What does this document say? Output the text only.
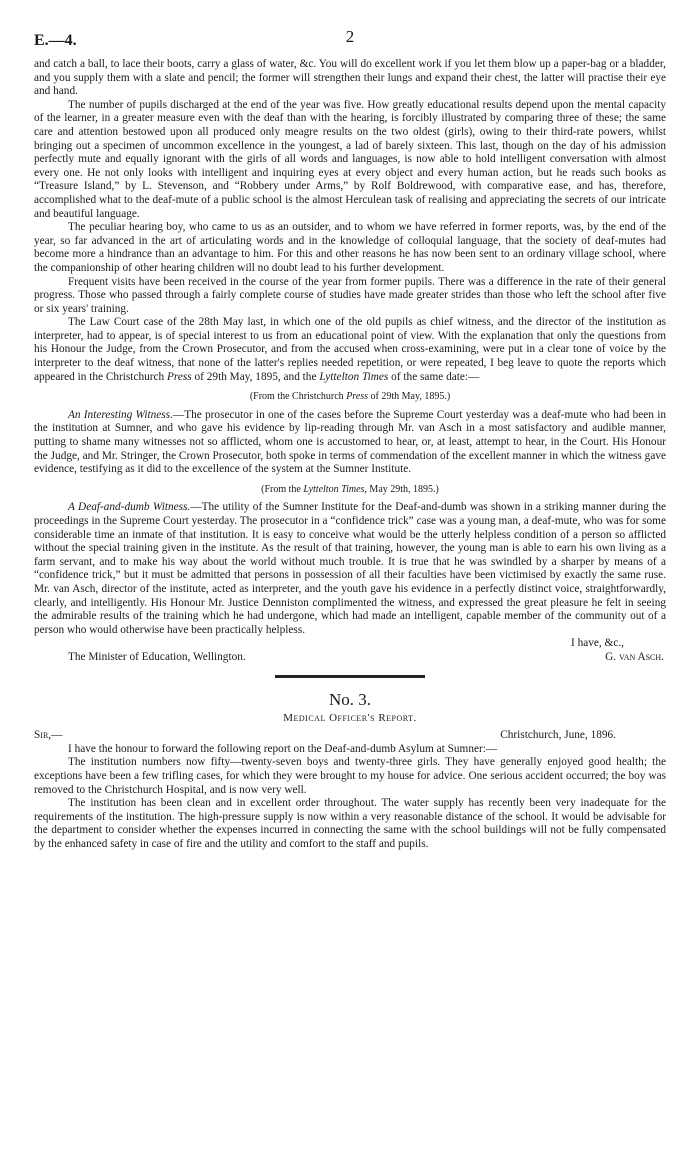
E.—4.	2

and catch a ball, to lace their boots, carry a glass of water, &c. You will do excellent work if you let them blow up a paper-bag or a bladder, and you supply them with a slate and pencil; the former will strengthen their lungs and expand their chest, the latter will practise their eye and hand.

The number of pupils discharged at the end of the year was five. How greatly educational results depend upon the mental capacity of the learner, in a greater measure even with the deaf than with the hearing, is forcibly illustrated by comparing three of these; the same care and attention bestowed upon all produced only meagre results on the two oldest (girls), owing to their third-rate powers, whilst bringing out a specimen of uncommon excellence in the youngest, a lad of barely sixteen. This last, though on the day of his admission perfectly mute and equally ignorant with the girls of all words and languages, is now able to hold intelligent conversation with almost every one. He not only looks with intelligent and inquiring eyes at every object and every human action, but he reads such books as “Treasure Island,” by L. Stevenson, and “Robbery under Arms,” by Rolf Boldrewood, with comparative ease, and has, therefore, accomplished what to the deaf-mute of a public school is the almost Herculean task of realising and appreciating the secrets of our intricate and beautiful language.

The peculiar hearing boy, who came to us as an outsider, and to whom we have referred in former reports, was, by the end of the year, so far advanced in the art of articulating words and in the knowledge of colloquial language, that the society of deaf-mutes had become more a hindrance than an advantage to him. For this and other reasons he has now been sent to an ordinary village school, where the companionship of other hearing children will no doubt lead to his further development.

Frequent visits have been received in the course of the year from former pupils. There was a difference in the rate of their general progress. Those who passed through a fairly complete course of studies have made greater strides than those who left the school after five or six years' training.

The Law Court case of the 28th May last, in which one of the old pupils as chief witness, and the director of the institution as interpreter, had to appear, is of special interest to us from an educational point of view. With the explanation that only the questions from his Honour the Judge, from the Crown Prosecutor, and from the accused when cross-examining, were put in a clear tone of voice by the interpreter to the deaf witness, that none of the latter's replies needed repetition, or were repeated, I beg leave to quote the reports which appeared in the Christchurch Press of 29th May, 1895, and the Lyttelton Times of the same date:—

(From the Christchurch Press of 29th May, 1895.)

An Interesting Witness.—The prosecutor in one of the cases before the Supreme Court yesterday was a deaf-mute who had been in the institution at Sumner, and who gave his evidence by lip-reading through Mr. van Asch in a most satisfactory and audible manner, putting to shame many witnesses not so afflicted, whom one is accustomed to hear, or, at least, attempt to hear, in the Court. His Honour the Judge, and Mr. Stringer, the Crown Prosecutor, both spoke in terms of commendation of the excellent manner in which the witness gave evidence, testifying as it did to the excellence of the system at the Sumner Institute.

(From the Lyttelton Times, May 29th, 1895.)

A Deaf-and-dumb Witness.—The utility of the Sumner Institute for the Deaf-and-dumb was shown in a striking manner during the proceedings in the Supreme Court yesterday. The prosecutor in a “confidence trick” case was a young man, a deaf-mute, who was for some considerable time an inmate of that institution. It is easy to conceive what would be the utterly helpless condition of a person so afflicted without the special training given in the institute. As the result of that training, however, the young man is able to earn his own living as a farm servant, and to make his way about the world without much trouble. It is true that he was swindled by a sharper by means of a “confidence trick,” but it must be admitted that persons in possession of all their faculties have been victimised by exactly the same ruse. Mr. van Asch, director of the institute, acted as interpreter, and the youth gave his evidence in a perfectly distinct voice, straightforwardly, clearly, and intelligently. His Honour Mr. Justice Denniston complimented the witness, and expressed the great pleasure he felt in seeing the admirable results of the training which he had undergone, which had made an intelligent, capable member of the community out of a person who would otherwise have been practically helpless.

I have, &c.,
The Minister of Education, Wellington.	G. van Asch.
No. 3.
Medical Officer's Report.
Sir,—	Christchurch, June, 1896.

I have the honour to forward the following report on the Deaf-and-dumb Asylum at Sumner:—

The institution numbers now fifty—twenty-seven boys and twenty-three girls. They have generally enjoyed good health; the exceptions have been a few trifling cases, for which they were brought to my house for advice. One serious accident occurred; the boy was removed to the Christchurch Hospital, and is now very well.

The institution has been clean and in excellent order throughout. The water supply has recently been very inadequate for the requirements of the institution. The high-pressure supply is now within a very reasonable distance of the school. It would be advisable for the department to consider whether the expenses incurred in connecting the same with the school buildings will not be fully compensated by the enhanced safety in case of fire and the utility and comfort to the staff and pupils.
